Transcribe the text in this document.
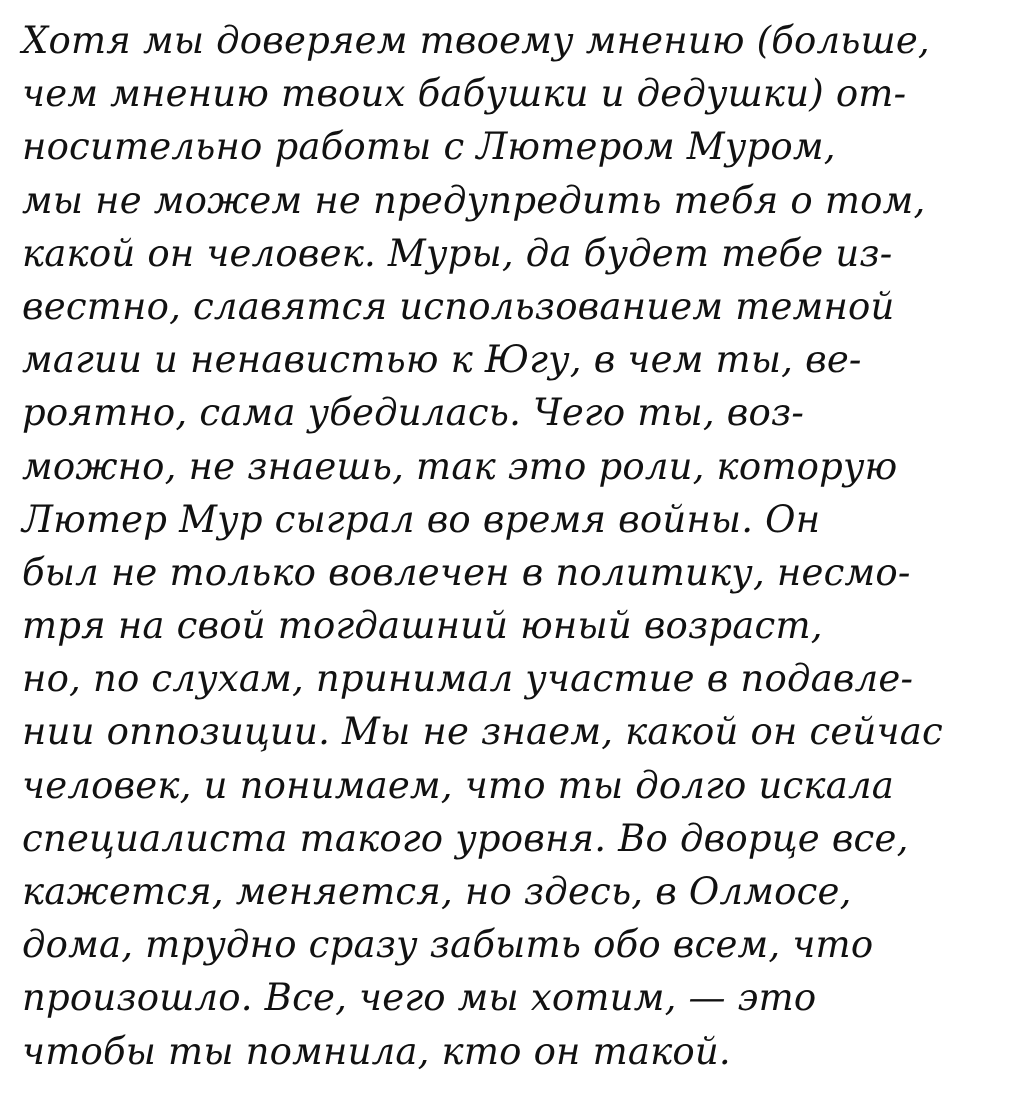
Хотя мы доверяем твоему мнению (больше,
чем мнению твоих бабушки и дедушки) от-
носительно работы с Лютером Муром,
мы не можем не предупредить тебя о том,
какой он человек. Муры, да будет тебе из-
вестно, славятся использованием темной
магии и ненавистью к Югу, в чем ты, ве-
роятно, сама убедилась. Чего ты, воз-
можно, не знаешь, так это роли, которую
Лютер Мур сыграл во время войны. Он
был не только вовлечен в политику, несмо-
тря на свой тогдашний юный возраст,
но, по слухам, принимал участие в подавле-
нии оппозиции. Мы не знаем, какой он сейчас
человек, и понимаем, что ты долго искала
специалиста такого уровня. Во дворце все,
кажется, меняется, но здесь, в Олмосе,
дома, трудно сразу забыть обо всем, что
произошло. Все, чего мы хотим, — это
чтобы ты помнила, кто он такой.
